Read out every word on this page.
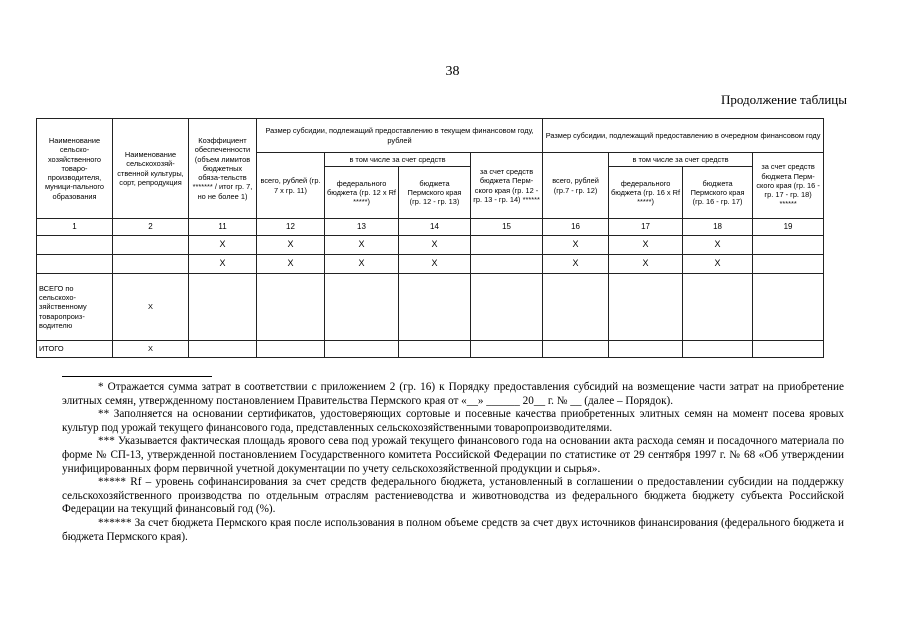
38
Продолжение таблицы
Наименование сельско-хозяйственного товаро-производителя, муници-пального образования	Наименование сельскохозяй-ственной культуры, сорт, репродукция	Коэффициент обеспеченности (объем лимитов бюджетных обяза-тельств ******* / итог гр. 7, но не более 1)	Размер субсидии, подлежащий предоставлению в текущем финансовом году, рублей				Размер субсидии, подлежащий предоставлению в очередном финансовом году			
			всего, рублей (гр. 7 х гр. 11)	в том числе за счет средств		за счет средств бюджета Перм-ского края (гр. 12 - гр. 13 - гр. 14) ******	всего, рублей (гр.7 - гр. 12)	в том числе за счет средств		за счет средств бюджета Перм-ского края (гр. 16 - гр. 17 - гр. 18) ******
				федерального бюджета (гр. 12 х Rf *****)	бюджета Пермского края (гр. 12 - гр. 13)			федерального бюджета (гр. 16 х Rf *****)	бюджета Пермского края (гр. 16 - гр. 17)	
1	2	11	12	13	14	15	16	17	18	19
		Х	Х	Х	Х		Х	Х	Х	
		Х	Х	Х	Х		Х	Х	Х	
ВСЕГО по сельскохо-зяйственному товаропроиз-водителю	Х									
ИТОГО	Х									

* Отражается сумма затрат в соответствии с приложением 2 (гр. 16) к Порядку предоставления субсидий на возмещение части затрат на приобретение элитных семян, утвержденному постановлением Правительства Пермского края от «__» ______ 20__ г. № __ (далее – Порядок).

** Заполняется на основании сертификатов, удостоверяющих сортовые и посевные качества приобретенных элитных семян на момент посева яровых культур под урожай текущего финансового года, представленных сельскохозяйственными товаропроизводителями.

*** Указывается фактическая площадь ярового сева под урожай текущего финансового года на основании акта расхода семян и посадочного материала по форме № СП-13, утвержденной постановлением Государственного комитета Российской Федерации по статистике от 29 сентября 1997 г. № 68 «Об утверждении унифицированных форм первичной учетной документации по учету сельскохозяйственной продукции и сырья».

***** Rf – уровень софинансирования за счет средств федерального бюджета, установленный в соглашении о предоставлении субсидии на поддержку сельскохозяйственного производства по отдельным отраслям растениеводства и животноводства из федерального бюджета бюджету субъекта Российской Федерации на текущий финансовый год (%).

****** За счет бюджета Пермского края после использования в полном объеме средств за счет двух источников финансирования (федерального бюджета и бюджета Пермского края).
